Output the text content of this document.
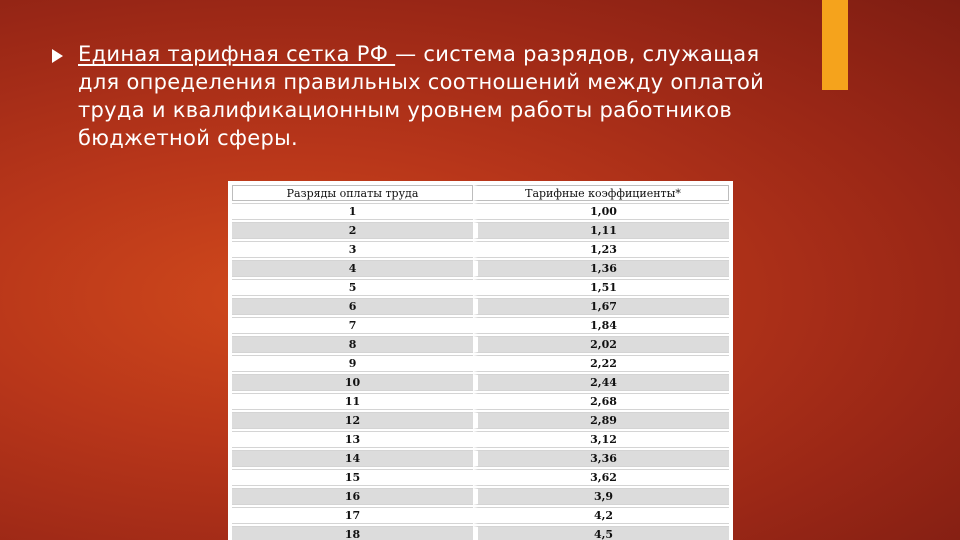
Единая тарифная сетка РФ — система разрядов, служащая для определения правильных соотношений между оплатой труда и квалификационным уровнем работы работников бюджетной сферы.
Разряды оплаты труда	Тарифные коэффициенты*
1	1,00
2	1,11
3	1,23
4	1,36
5	1,51
6	1,67
7	1,84
8	2,02
9	2,22
10	2,44
11	2,68
12	2,89
13	3,12
14	3,36
15	3,62
16	3,9
17	4,2
18	4,5
